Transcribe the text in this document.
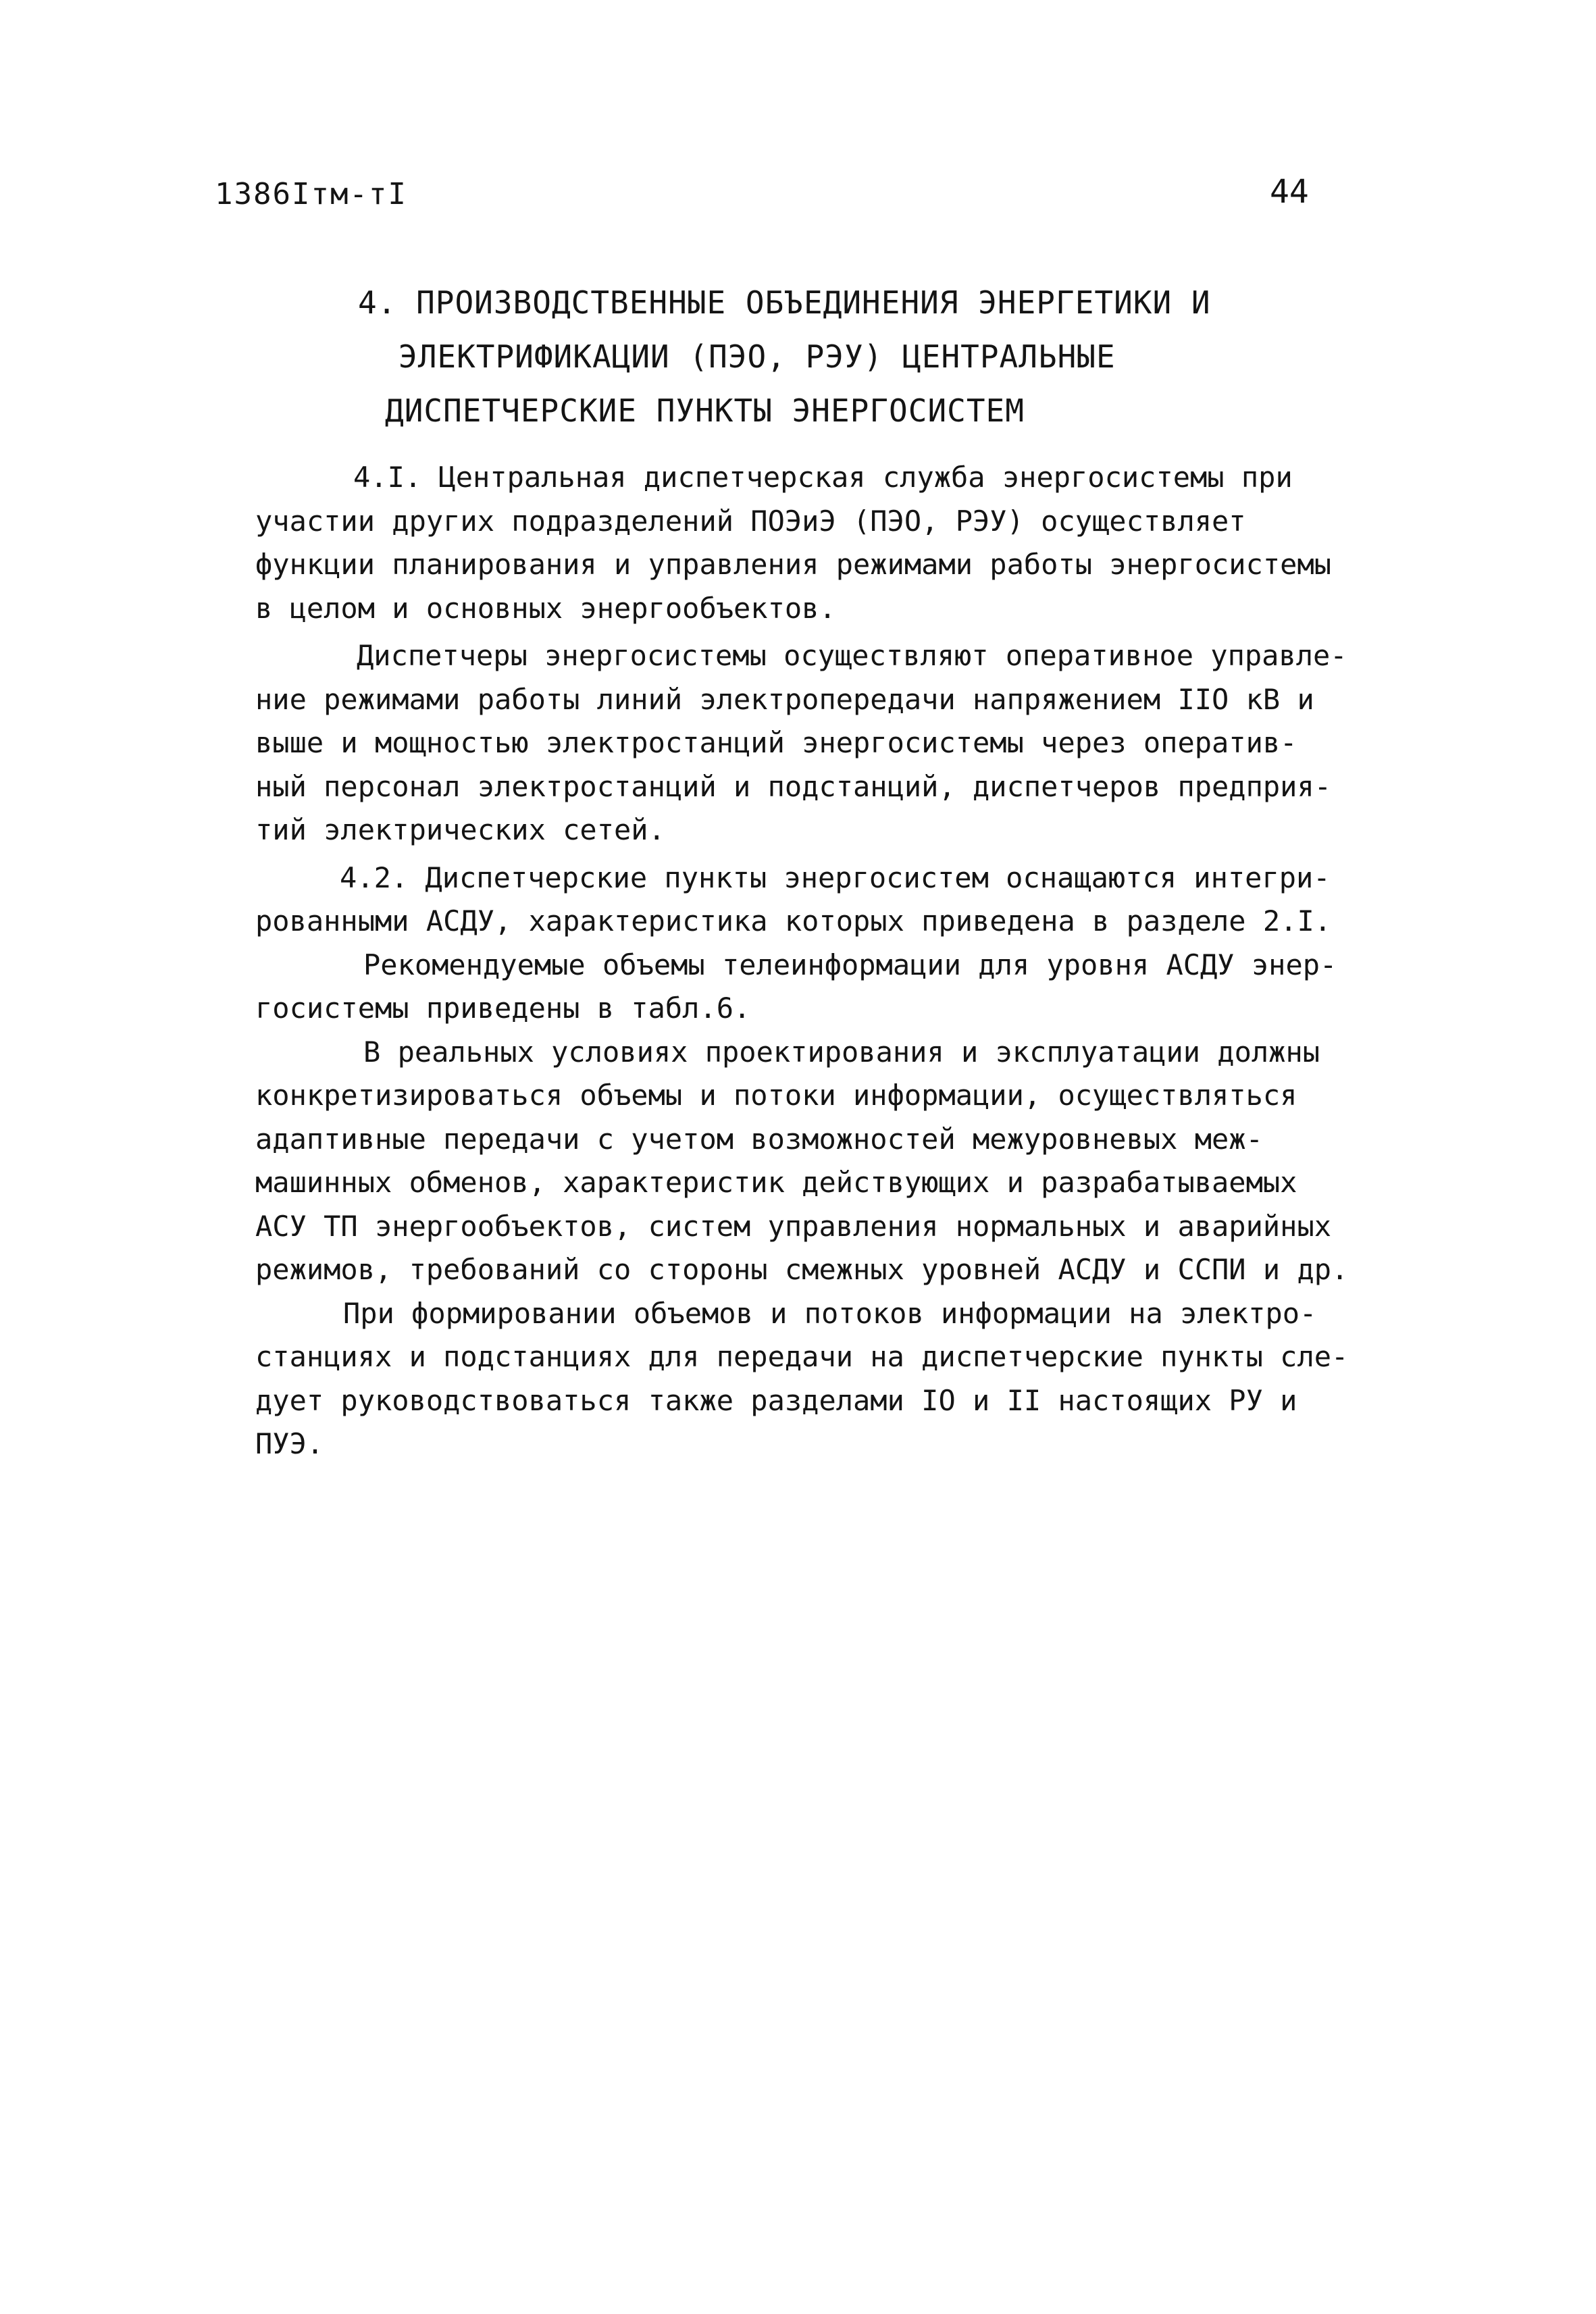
1386Iтм-тI	44
4. ПРОИЗВОДСТВЕННЫЕ ОБЪЕДИНЕНИЯ ЭНЕРГЕТИКИ И
ЭЛЕКТРИФИКАЦИИ (ПЭО, РЭУ) ЦЕНТРАЛЬНЫЕ
ДИСПЕТЧЕРСКИЕ ПУНКТЫ ЭНЕРГОСИСТЕМ
4.I. Центральная диспетчерская служба энергосистемы при
участии других подразделений ПОЭиЭ (ПЭО, РЭУ) осуществляет
функции планирования и управления режимами работы энергосистемы
в целом и основных энергообъектов.
Диспетчеры энергосистемы осуществляют оперативное управле-
ние режимами работы линий электропередачи напряжением IIO кВ и
выше и мощностью электростанций энергосистемы через оператив-
ный персонал электростанций и подстанций, диспетчеров предприя-
тий электрических сетей.
4.2. Диспетчерские пункты энергосистем оснащаются интегри-
рованными АСДУ, характеристика которых приведена в разделе 2.I.
Рекомендуемые объемы телеинформации для уровня АСДУ энер-
госистемы приведены в табл.6.
В реальных условиях проектирования и эксплуатации должны
конкретизироваться объемы и потоки информации, осуществляться
адаптивные передачи с учетом возможностей межуровневых меж-
машинных обменов, характеристик действующих и разрабатываемых
АСУ ТП энергообъектов, систем управления нормальных и аварийных
режимов, требований со стороны смежных уровней АСДУ и ССПИ и др.
При формировании объемов и потоков информации на электро-
станциях и подстанциях для передачи на диспетчерские пункты сле-
дует руководствоваться также разделами IO и II настоящих РУ и
ПУЭ.
